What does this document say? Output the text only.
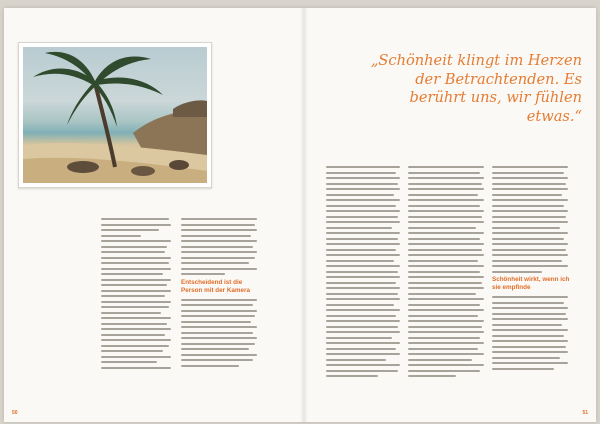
Entscheidend ist die Person mit der Kamera
Schönheit wirkt, wenn ich sie empfinde
„Schönheit klingt im Herzen der Betrachtenden. Es berührt uns, wir fühlen etwas.“
50	51
